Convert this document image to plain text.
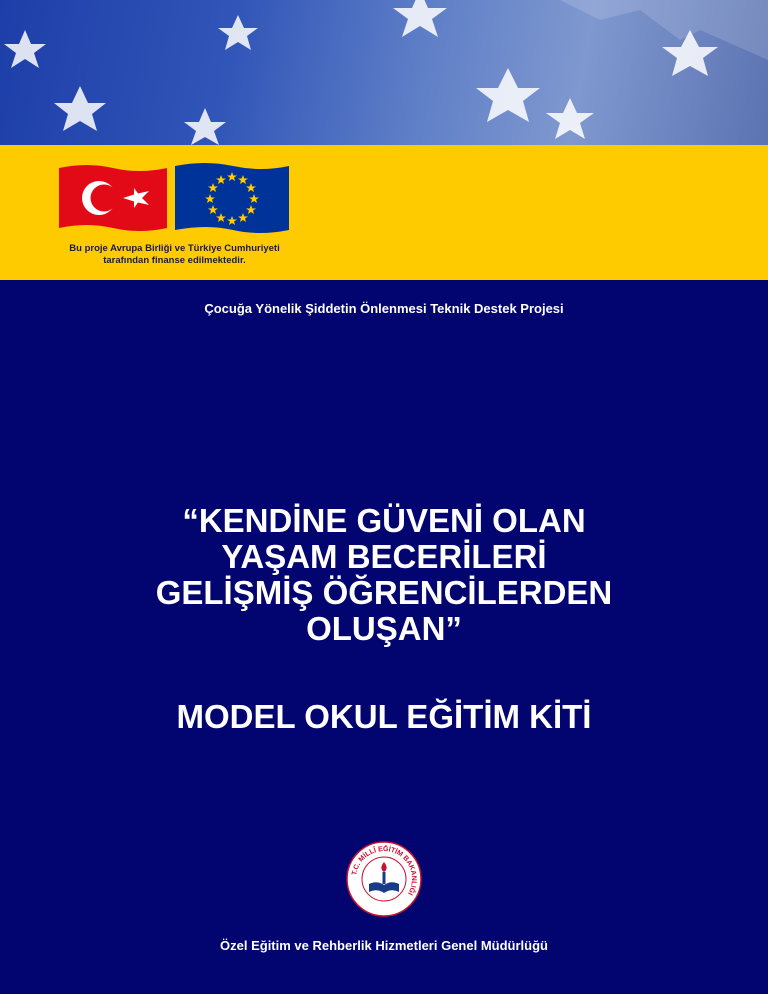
Bu proje Avrupa Birliği ve Türkiye Cumhuriyeti
tarafından finanse edilmektedir.
Çocuğa Yönelik Şiddetin Önlenmesi Teknik Destek Projesi
“KENDİNE GÜVENİ OLAN
YAŞAM BECERİLERİ
GELİŞMİŞ ÖĞRENCİLERDEN
OLUŞAN”
MODEL OKUL EĞİTİM KİTİ
T.C. MİLLÎ EĞİTİM BAKANLIĞI
Özel Eğitim ve Rehberlik Hizmetleri Genel Müdürlüğü
